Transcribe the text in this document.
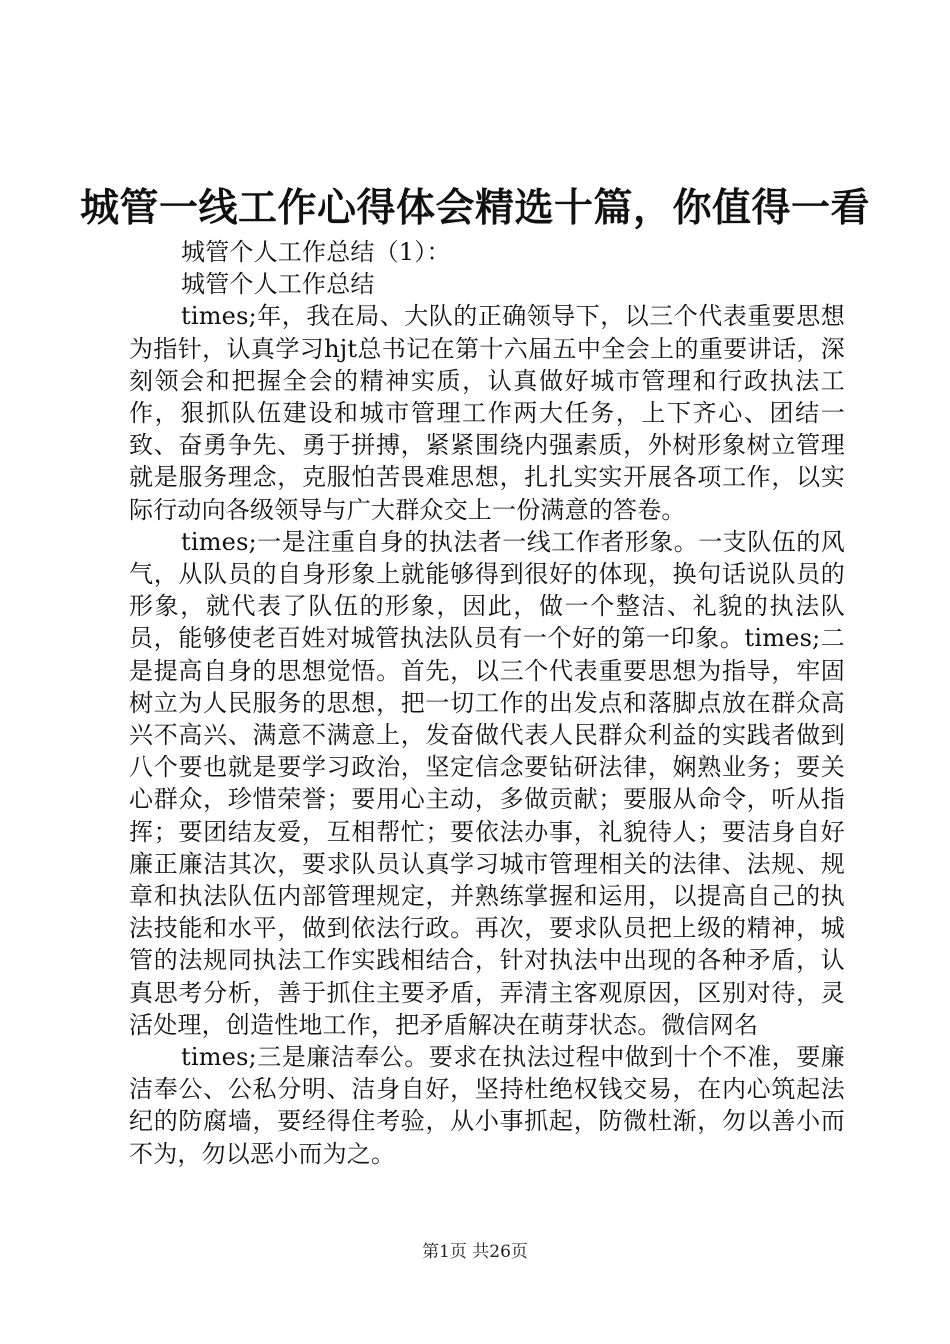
城管一线工作心得体会精选十篇，你值得一看

城管个人工作总结（1）：

城管个人工作总结

times;年，我在局、大队的正确领导下，以三个代表重要思想为指针，认真学习hjt总书记在第十六届五中全会上的重要讲话，深刻领会和把握全会的精神实质，认真做好城市管理和行政执法工作，狠抓队伍建设和城市管理工作两大任务，上下齐心、团结一致、奋勇争先、勇于拼搏，紧紧围绕内强素质，外树形象树立管理就是服务理念，克服怕苦畏难思想，扎扎实实开展各项工作，以实际行动向各级领导与广大群众交上一份满意的答卷。

times;一是注重自身的执法者一线工作者形象。一支队伍的风气，从队员的自身形象上就能够得到很好的体现，换句话说队员的形象，就代表了队伍的形象，因此，做一个整洁、礼貌的执法队员，能够使老百姓对城管执法队员有一个好的第一印象。times;二是提高自身的思想觉悟。首先，以三个代表重要思想为指导，牢固树立为人民服务的思想，把一切工作的出发点和落脚点放在群众高兴不高兴、满意不满意上，发奋做代表人民群众利益的实践者做到八个要也就是要学习政治，坚定信念要钻研法律，娴熟业务；要关心群众，珍惜荣誉；要用心主动，多做贡献；要服从命令，听从指挥；要团结友爱，互相帮忙；要依法办事，礼貌待人；要洁身自好廉正廉洁其次，要求队员认真学习城市管理相关的法律、法规、规章和执法队伍内部管理规定，并熟练掌握和运用，以提高自己的执法技能和水平，做到依法行政。再次，要求队员把上级的精神，城管的法规同执法工作实践相结合，针对执法中出现的各种矛盾，认真思考分析，善于抓住主要矛盾，弄清主客观原因，区别对待，灵活处理，创造性地工作，把矛盾解决在萌芽状态。微信网名

times;三是廉洁奉公。要求在执法过程中做到十个不准，要廉洁奉公、公私分明、洁身自好，坚持杜绝权钱交易，在内心筑起法纪的防腐墙，要经得住考验，从小事抓起，防微杜渐，勿以善小而不为，勿以恶小而为之。

第1页 共26页
